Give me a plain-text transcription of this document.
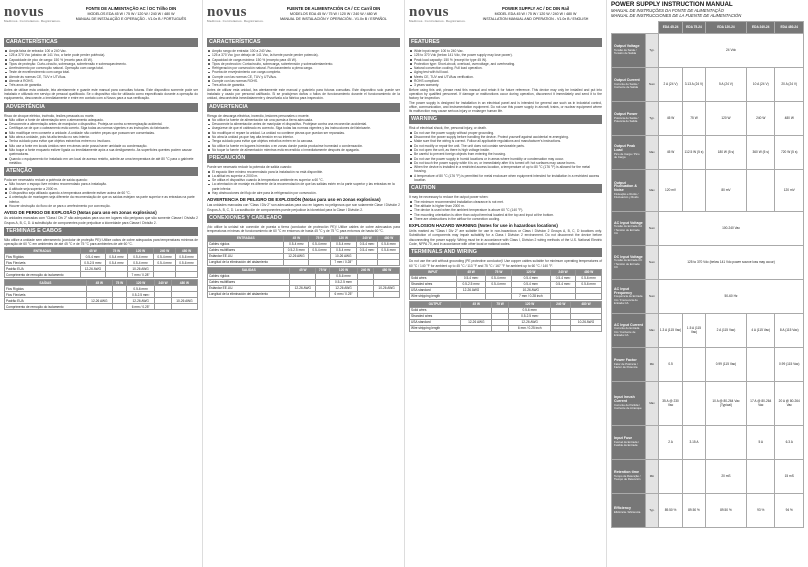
novus
Medimos. Controlamos. Registramos.
FONTE DE ALIMENTAÇÃO AC / DC Trilho DIN
MODELOS EDA 45 W / 75 W / 120 W / 240 W / 480 W
MANUAL DE INSTALAÇÃO E OPERAÇÃO - V1.0x B / PORTUGUÊS
CARACTERÍSTICAS
Ampla faixa de entrada: 100 a 240 Vac.
125 a 370 Vcc (abaixo de 141 Vcc, a fonte pode perder potência).
Capacidade de pico de carga: 150 % (exceto para 45 W).
Tipos de proteção: Curto-circuito, sobrecarga, sobretensão e sobreaquecimento.
Arrefecimento por convecção natural. Operação com carga total.
Teste de envelhecimento com carga total.
Atende às normas CE, TUV e UTVAus.
Atende à ROHS.
Três anos de garantia.
Antes de utilizar esta unidade, leia atentamente e guarde este manual para consultas futuras. Este dispositivo somente pode ser instalado e utilizado em serviço de pessoal qualificado. Se o dispositivo não for utilizado como especificado durante a operação do equipamento, desconecte-o imediatamente e entre em contato com a Novus para a sua verificação.
ADVERTÊNCIA
Risco de choque elétrico, incêndio, lesões pessoais ou morte.
Não utilize a fonte de alimentação sem o aterramento adequado.
Desconecte a alimentação antes de manipular o dispositivo. Proteja-se contra a reenergização acidental.
Certifique-se de que o cabeamento está correto. Siga todas as normas vigentes e as instruções do fabricante.
Não modifique nem conserte a unidade. A unidade não contém peças que possam ser consertadas.
Não abra a unidade, pois há alta tensão no seu interior.
Tenha cuidado para evitar que objetos estranhos entrem no invólucro.
Não use a fonte em locais úmidos nem em áreas onde possa haver umidade ou condensação.
Não toque a fonte enquanto estiver ligada ou imediatamente após a sua desligamento. As superfícies quentes podem causar queimaduras.
Quando o equipamento for instalado em um local de acesso restrito, admite-se uma temperatura de até 80 °C para o gabinete metálico.
ATENÇÃO
Poda ser necessário reduzir a potência de saída quando:
Não houver o espaço livre mínimo recomendado para a instalação.
A altitude seja superior a 2000 m.
O dispositivo seja utilizado quando a temperatura ambiente estiver acima de 60 °C.
A orientação de montagem seja diferente da recomendação de que os saídas estejam na parte superior e as entradas na parte inferior.
Houver obstrução do fluxo de ar para o arrefecimento por convecção.
AVISO DE PERIGO DE EXPLOSÃO (Notas para uso em zonas explosivas)
As unidades marcadas com "Class I Div 2" são adequadas para uso em lugares não perigosos que são somente Classe I Divisão 2 Grupos A, B, C, D. A substituição de componentes pode prejudicar a idoneidade para Classe I Divisão 2.
TERMINAIS E CABOS
Não utilize a unidade sem aterramento (condutor de proteção PE)! Utilize cabos de cobre adequados para temperaturas mínimas de operação de 60 °C em ambientes de até 45 °C e de 75 °C para ambientes de até 60 °C.
ENTRADAS	45 W	75 W	120 W	240 W	480 W
Fios Rígidos	0.5-4 mm²	0.5-4 mm²	0.5-4 mm²	0.5-4 mm²	0.5-6 mm²
Fios Flexíveis	0.5-2.5 mm²	0.5-4 mm²	0.5-4 mm²	0.5-4 mm²	0.5-6 mm²
Padrão EUA	12-26 AWG		10-26 AWG		
Comprimento de remoção do isolamento			7 mm / 0.28"		
SAÍDAS	45 W	75 W	120 W	240 W	480 W
Fios Rígidos			0.5-6 mm²		
Fios Flexíveis			0.5-2.5 mm²		
Padrão EUA	12-26 AWG		12-26 AWG		10-26 AWG
Comprimento de remoção do isolamento			6 mm / 0.25"		
novus
Medimos. Controlamos. Registramos.
FUENTE DE ALIMENTACIÓN CA / CC Carril DIN
MODELOS EDA 45 W / 75 W / 120 W / 240 W / 480 W
MANUAL DE INSTALACIÓN Y OPERACIÓN - V1.0x B / ESPAÑOL
CARACTERÍSTICAS
Amplio rango de entrada: 100 a 240 Vac.
125 a 370 Vcc (por debajo de 141 Vcc, la fuente puede perder potencia).
Capacidad de carga máxima: 150 % (excepto para 45 W).
Tipos de protección: Cortocircuito, sobrecarga, sobretensión y sobrecalentamiento.
Refrigeración por convección natural. Funcionamiento a plena carga.
Prueba de envejecimiento con carga completa.
Cumple con las normas CE, TUV y UTVAus.
Cumple con las normas ROHS.
Tres años de garantía.
Antes de utilizar esta unidad, lea atentamente este manual y guárdelo para futuras consultas. Este dispositivo solo puede ser instalado y usado por personal calificado. Si se produjeran daños o fallos de funcionamiento durante el funcionamiento de la unidad, desconéctela inmediatamente y devuélvala a la fábrica para inspección.
ADVERTENCIA
Riesgo de descarga eléctrica, incendio, lesiones personales o muerte.
No utilice la fuente de alimentación sin una puesta a tierra adecuada.
Desconecte la alimentación antes de manipular el dispositivo. Protéjase contra una reconexión accidental.
Asegúrese de que el cableado es correcto. Siga todas las normas vigentes y las instrucciones del fabricante.
No modifique ni repare la unidad. La unidad no contiene piezas que puedan ser reparadas.
No abra la unidad ya que hay alta tensión en su interior.
Tenga cuidado para evitar que objetos extraños entren en la carcasa.
No utilice la fuente en lugares húmedos o en zonas donde pueda producirse humedad o condensación.
No toque la fuente de alimentación mientras está encendida o inmediatamente después de apagarla.
PRECAUCIÓN
Puede ser necesario reducir la potencia de salida cuando:
El espacio libre mínimo recomendado para la instalación no está disponible.
La altitud es superior a 2000 m.
Se utiliza el dispositivo cuando la temperatura ambiente es superior a 60 °C.
La orientación de montaje es diferente de la recomendación de que las salidas estén en la parte superior y las entradas en la parte inferior.
Hay obstrucciones del flujo de aire para la refrigeración por convección.
ADVERTENCIA DE PELIGRO DE EXPLOSIÓN (Notas para uso en zonas explosivas)
Las unidades marcadas con "Class I Div 2" son adecuadas para uso en lugares no peligrosos que son solamente Clase I División 2 Grupos A, B, C, D. La sustitución de componentes puede perjudicar la idoneidad para la Clase I División 2.
CONEXIONES Y CABLEADO
¡No utilice la unidad sin conexión de puesta a tierra (conductor de protección PE)! Utilice cables de cobre adecuados para temperaturas mínimas de funcionamiento de 60 °C en entornos de hasta 45 °C y de 75 °C para entornos de hasta 60 °C.
ENTRADAS	45 W	75 W	120 W	240 W	480 W
Cables rígidos	0.5-4 mm²	0.5-4 mm²	0.5-4 mm²	0.5-4 mm²	0.5-6 mm²
Cables multifilares	0.5-2.5 mm²	0.5-4 mm²	0.5-4 mm²	0.5-4 mm²	0.5-6 mm²
Estándar EE.UU.	12-26 AWG		10-26 AWG		
Longitud de la eliminación del aislamiento			7 mm / 0.28"		
SALIDAS	45 W	75 W	120 W	240 W	480 W
Cables rígidos			0.5-6 mm²		
Cables multifilares			0.5-2.5 mm²		
Estándar EE.UU.	12-26 AWG		12-26 AWG		10-26 AWG
Longitud de la eliminación del aislamiento			6 mm / 0.25"		
novus
Medimos. Controlamos. Registramos.
POWER SUPPLY AC / DC DIN Rail
MODEL EDA 45 W / 75 W / 120 W / 240 W / 480 W
INSTALLATION MANUAL AND OPERATION - V1.0x B / ENGLISH
FEATURES
Wide input range: 100 to 240 Vac.
125 to 370 Vdc (below 141 Vdc, the power supply may lose power).
Peak load capacity: 150 % (except for type 45 W).
Protection type: Short-circuit, overload, overvoltage, and overheating.
Natural convection cooling. Full load operation.
Aging test with full load.
Meets CE, TUV and UTVAus verification.
ROHS compliant.
3 years warranty.
Before using this unit, please read this manual and retain it for future reference. This device may only be installed and put into operation by qualified personnel. If damage or malfunctions occur during operation, disconnect it immediately and send it to the factory for inspection.
The power supply is designed for installation in an electrical panel and is intended for general use such as in industrial control, office, communication, and instrumentation equipment. Do not use this power supply in aircraft, trains, or nuclear equipment where its malfunction may cause serious injury or endanger human life.
WARNING
Risk of electrical shock, fire, personal injury, or death.
Do not use the power supply without proper grounding.
Disconnect the power supply before handling the device. Protect yourself against accidental re-energizing.
Make sure that the wiring is correct. Follow all applicable regulations and manufacturer's instructions.
Do not modify or repair the unit. The unit does not contain serviceable parts.
Do not open the unit, as there is high voltage inside.
Be careful to prevent foreign objects from entering the housing.
Do not use the power supply in humid locations or in areas where humidity or condensation may occur.
Do not touch the power supply while it is on, or immediately after it is turned off: hot surfaces may cause burns.
When the device is installed in a restricted access location, a temperature of up to 80 °C (176 °F) is allowed for the metal housing.
A temperature of 80 °C (176 °F) is permitted for metal enclosure when equipment intended for installation in a restricted access location.
CAUTION
It may be necessary to reduce the output power when:
The minimum recommended installation clearance is not met.
The altitude is higher than 2000 m.
The device is used when the ambient temperature is above 60 °C (140 °F).
The mounting orientation is other than output terminal located at the top and input at the bottom.
There are obstructions in the airflow for convection cooling.
EXPLOSION HAZARD WARNING (Notes for use in hazardous locations)
Units marked as "Class I Div 2" are suitable for use in non-hazardous or Class I Division 2 Groups A, B, C, D locations only. Substitution of components may impair suitability for a Class I Division 2 environment. Do not disconnect the device before disconnecting the power supply. Wiring must be in accordance with Class I, Division 2 wiring methods of the U.S. National Electric Code, NFPA 70, and in accordance with other local or national codes.
TERMINALS AND WIRING
Do not use the unit without grounding (PE protective conductor)! Use copper cables suitable for minimum operating temperatures of 60 °C / 140 °F for ambient up to 45 °C / 113 °F and 75 °C / 167 °F for ambient up to 60 °C / 140 °F.
INPUT	45 W	75 W	120 W	240 W	480 W
Solid wires	0.5-4 mm²	0.5-4 mm²	0.5-4 mm²	0.5-4 mm²	0.5-6 mm²
Stranded wires	0.5-2.5 mm²	0.5-4 mm²	0.5-4 mm²	0.5-4 mm²	0.5-6 mm²
USA standard	12-26 AWG		10-26 AWG		
Wire stripping length			7 mm / 0.28 inch		
OUTPUT	45 W	75 W	120 W	240 W	480 W
Solid wires			0.5-6 mm²		
Stranded wires			0.5-2.5 mm²		
USA standard	12-26 AWG		12-26 AWG		10-26 AWG
Wire stripping length			6 mm / 0.25 inch		
POWER SUPPLY INSTRUCTION MANUAL
MANUAL DE INSTRUÇÕES DA FONTE DE ALIMENTAÇÃO
MANUAL DE INSTRUCCIONES DE LA FUENTE DE ALIMENTACIÓN
		EDA 45-24	EDA 75-24	EDA 120-24	EDA 240-24	EDA 480-24

Output Voltage
Tensão de Saída / Tensión de Salida	Typ.	24 Vdc				

Output Current
Corrente de Saída / Corriente de Salida	Nom	2 A (24 V)	3.13 A (24 V)	5 A (24 V)	10 A (24 V)	20 A (24 V)

Output Power
Potência de Saída / Potencia de Salida	Typ.	45 W	75 W	120 W	240 W	480 W

Output Peak Load
Pico de Carga / Pico de Carga	Max	45 W	112.5 W (5 s)	180 W (5 s)	360 W (5 s)	720 W (5 s)

Output Fluctuation & Noise
Flutuação e Ruído / Fluctuación y Ruido	Max	120 mV		80 mV		120 mV

AC Input Voltage
Tensão de Entrada CA / Tensión de Entrada CA	Nom	100-240 Vac				

DC Input Voltage
Tensão de Entrada CC / Tensión de Entrada CC	Nom	125 to 370 Vdc (below 141 Vdc power source loss may occur)				

AC Input Frequency
Frequência de Entrada CA / Frecuencia de Entrada CA	Nom	50-60 Hz				

AC Input Current
Corrente de Entrada CA / Corriente de Entrada CA	Max	1.3 A (115 Vac)	1.5 A (115 Vac)	2 A (115 Vac)	4 A (115 Vac)	8 A (115 Vac)

Power Factor
Fator de Potência / Factor de Potencia	Min	0.5		0.99 (115 Vac)		0.99 (115 Vac)

Input Inrush Current
Corrente de Partida / Corriente de Arranque	Max	35 A @ 230 Vac		10 A @ 80-264 Vac (Typical)	17 A @ 80-264 Vac	20 A @ 80-264 Vac

Input Fuse
Fusível de Entrada / Fusible de Entrada		2 A	3.15 A		5 A	6.3 A

Retention time
Tempo de Retenção / Tiempo de Retención	Min			20 mS		15 mS

Efficiency
Eficiência / Eficiencia	Typ.	89.50 %	89.50 %	89.50 %	93 %	94 %
